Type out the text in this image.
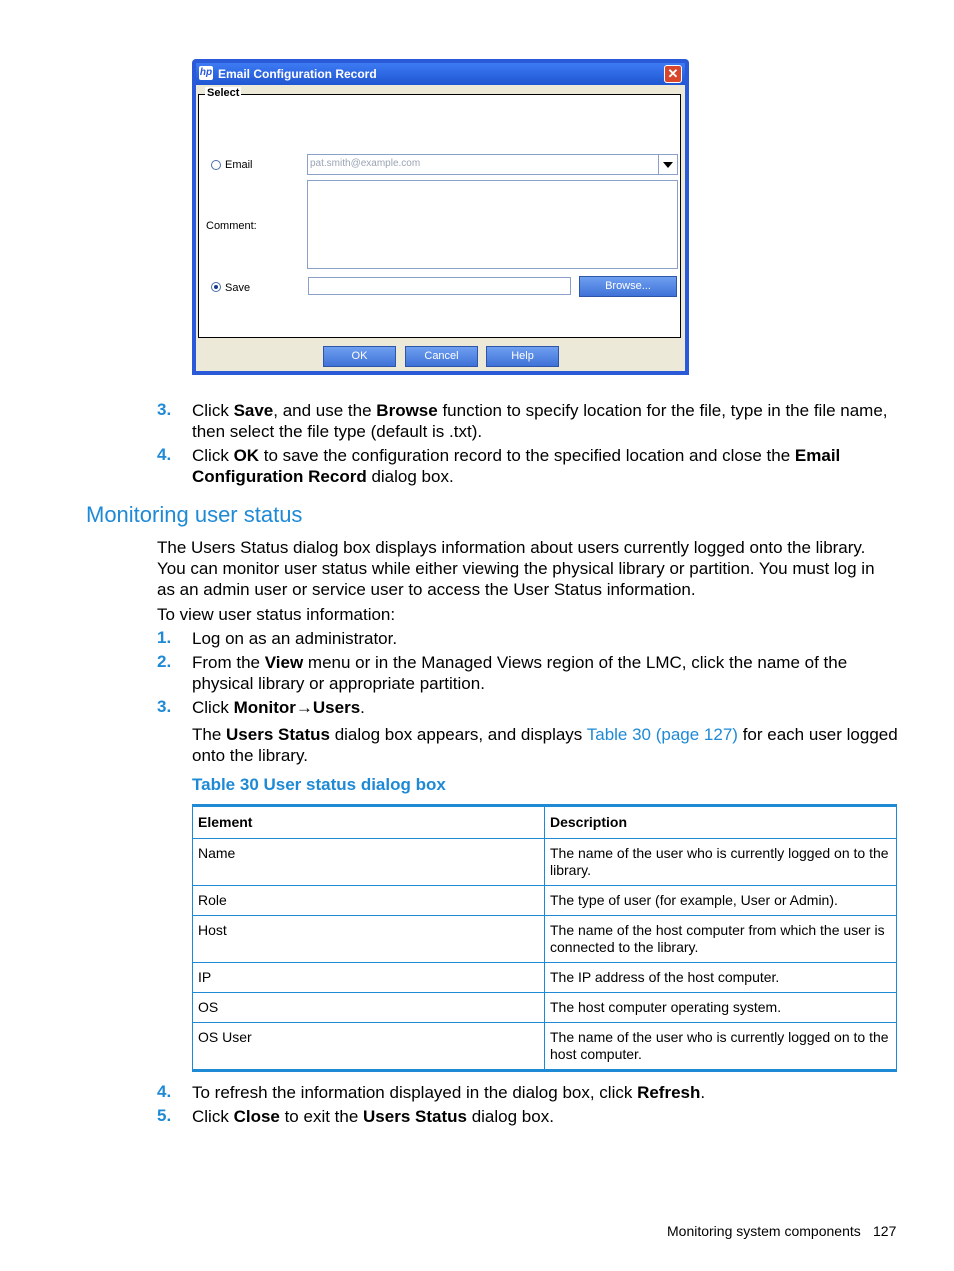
hp Email Configuration Record	✕
Select
Email	pat.smith@example.com
Comment:
Save	Browse...
OK	Cancel	Help
3. Click Save, and use the Browse function to specify location for the file, type in the file name, then select the file type (default is .txt).
4. Click OK to save the configuration record to the specified location and close the Email Configuration Record dialog box.
Monitoring user status
The Users Status dialog box displays information about users currently logged onto the library. You can monitor user status while either viewing the physical library or partition. You must log in as an admin user or service user to access the User Status information.
To view user status information:
1. Log on as an administrator.
2. From the View menu or in the Managed Views region of the LMC, click the name of the physical library or appropriate partition.
3. Click Monitor→Users.
The Users Status dialog box appears, and displays Table 30 (page 127) for each user logged onto the library.
Table 30 User status dialog box
Element	Description
Name	The name of the user who is currently logged on to the library.
Role	The type of user (for example, User or Admin).
Host	The name of the host computer from which the user is connected to the library.
IP	The IP address of the host computer.
OS	The host computer operating system.
OS User	The name of the user who is currently logged on to the host computer.
4. To refresh the information displayed in the dialog box, click Refresh.
5. Click Close to exit the Users Status dialog box.
Monitoring system components 127
